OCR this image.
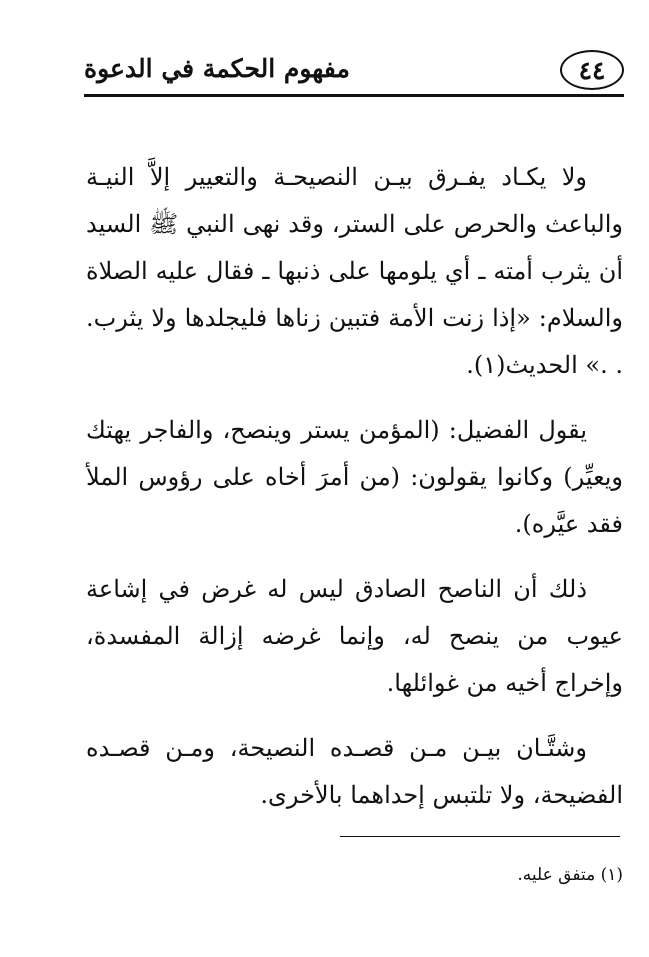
٤٤
مفهوم الحكمة في الدعوة

ولا يكـاد يفـرق بيـن النصيحـة والتعيير إلاَّ النيـة والباعث والحرص على الستر، وقد نهى النبي ﷺ السيد أن يثرب أمته ـ أي يلومها على ذنبها ـ فقال عليه الصلاة والسلام: «إذا زنت الأمة فتبين زناها فليجلدها ولا يثرب. . .» الحديث(١).

يقول الفضيل: (المؤمن يستر وينصح، والفاجر يهتك ويعيِّر) وكانوا يقولون: (من أمرَ أخاه على رؤوس الملأ فقد عيَّره).

ذلك أن الناصح الصادق ليس له غرض في إشاعة عيوب من ينصح له، وإنما غرضه إزالة المفسدة، وإخراج أخيه من غوائلها.

وشتَّـان بيـن مـن قصـده النصيحة، ومـن قصـده الفضيحة، ولا تلتبس إحداهما بالأخرى.

(١) متفق عليه.
